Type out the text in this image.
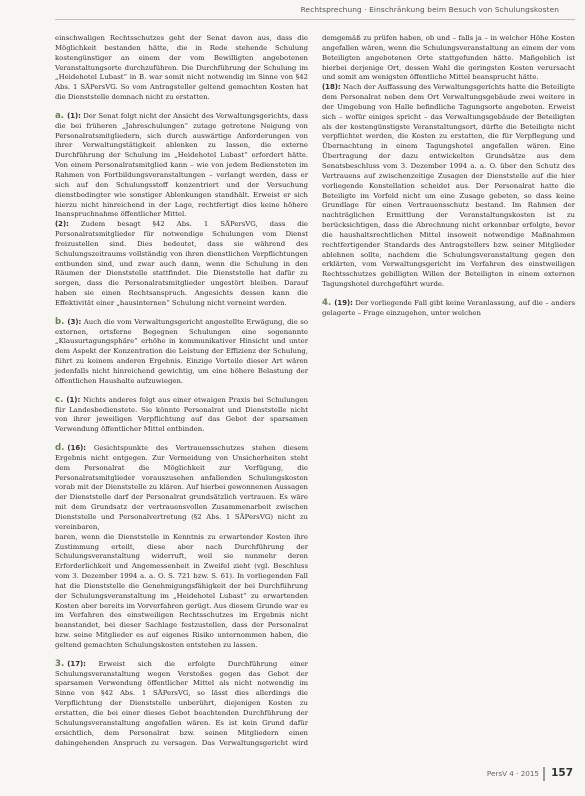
Rechtsprechung · Einschränkung beim Besuch von Schulungskosten

einschwaligen Rechtsschutzes geht der Senat davon aus, dass die Möglichkeit bestanden hätte, die in Rede stehende Schulung kostengünstiger an einem der vom Bewilligten angebotenen Veranstaltungsorte durchzuführen. Die Durchführung der Schulung im „Heidehotel Lubast“ in B. war somit nicht notwendig im Sinne von §42 Abs. 1 SÄPersVG. So vom Antragsteller geltend gemachten Kosten hat die Dienststelle demnach nicht zu erstatten.

a. (1): Der Senat folgt nicht der Ansicht des Verwaltungsgerichts, dass die bei früheren „Jahreschulungen“ zutage getretene Neigung von Personalratsmitgliedern, sich durch auswärtige Anforderungen von ihrer Verwaltungstätigkeit ablenken zu lassen, die externe Durchführung der Schulung im „Heidehotel Lubast“ erfordert hätte. Von einem Personalratsmitglied kann – wie von jedem Bediensteten im Rahmen von Fortbildungsveranstaltungen – verlangt werden, dass er sich auf den Schulungsstoff konzentriert und der Versuchung dienstbedingter wie sonstiger Ablenkungen standhält. Erweist er sich hierzu nicht hinreichend in der Lage, rechtfertigt dies keine höhere Inanspruchnahme öffentlicher Mittel.

(2): Zudem besagt §42 Abs. 1 SÄPersVG, dass die Personalratsmitglieder für notwendige Schulungen vom Dienst freizustellen sind. Dies bedeutet, dass sie während des Schulungszeitraums vollständig von ihren dienstlichen Verpflichtungen entbunden sind, und zwar auch dann, wenn die Schulung in den Räumen der Dienststelle stattfindet. Die Dienststelle hat dafür zu sorgen, dass die Personalratsmitglieder ungestört bleiben. Darauf haben sie einen Rechtsanspruch. Angesichts dessen kann die Effektivität einer „hausinternen“ Schulung nicht verneint werden.

b. (3): Auch die vom Verwaltungsgericht angestellte Erwägung, die so externen, ortsferne Begegnen Schulungen eine sogenannte „Klausurtagungsphäre“ erhöhe in kommunikativer Hinsicht und unter dem Aspekt der Konzentration die Leistung der Effizienz der Schulung, führt zu keinem anderen Ergebnis. Einzige Vorteile dieser Art wären jedenfalls nicht hinreichend gewichtig, um eine höhere Belastung der öffentlichen Haushalte aufzuwiegen.

c. (1): Nichts anderes folgt aus einer etwaigen Praxis bei Schulungen für Landesbedienstete. Sie könnte Personalrat und Dienststelle nicht von ihrer jeweiligen Verpflichtung auf das Gebot der sparsamen Verwendung öffentlicher Mittel entbinden.

d. (16): Gesichtspunkte des Vertrauensschutzes stehen diesem Ergebnis nicht entgegen. Zur Vermeidung von Unsicherheiten steht dem Personalrat die Möglichkeit zur Verfügung, die Personalratsmitglieder vorauszusehen anfallenden Schulungskosten vorab mit der Dienststelle zu klären. Auf hierbei gewonnenen Aussagen der Dienststelle darf der Personalrat grundsätzlich vertrauen. Es wäre mit dem Grundsatz der vertrauensvollen Zusammenarbeit zwischen Dienststelle und Personalvertretung (§2 Abs. 1 SÄPersVG) nicht zu vereinbaren,

baren, wenn die Dienststelle in Kenntnis zu erwartender Kosten ihre Zustimmung erteilt, diese aber nach Durchführung der Schulungsveranstaltung widerruft, weil sie nunmehr deren Erforderlichkeit und Angemessenheit in Zweifel zieht (vgl. Beschluss vom 3. Dezember 1994 a. a. O. S. 721 bzw. S. 61). In vorliegenden Fall hat die Dienststelle die Genehmigungsfähigkeit der bei Durchführung der Schulungsveranstaltung im „Heidehotel Lubast“ zu erwartenden Kosten aber bereits im Vorverfahren gerügt. Aus diesem Grunde war es im Verfahren des einstweiligen Rechtsschutzes im Ergebnis nicht beanstandet, bei dieser Sachlage festzustellen, dass der Personalrat bzw. seine Mitglieder es auf eigenes Risiko unternommen haben, die geltend gemachten Schulungskosten entstehen zu lassen.

3. (17): Erweist sich die erfolgte Durchführung einer Schulungsveranstaltung wegen Verstoßes gegen das Gebot der sparsamen Verwendung öffentlicher Mittel als nicht notwendig im Sinne von §42 Abs. 1 SÄPersVG, so lässt dies allerdings die Verpflichtung der Dienststelle unberührt, diejenigen Kosten zu erstatten, die bei einer dieses Gebot beachtenden Durchführung der Schulungsveranstaltung angefallen wären. Es ist kein Grund dafür ersichtlich, dem Personalrat bzw. seinen Mitgliedern einen dahingehenden Anspruch zu versagen. Das Verwaltungsgericht wird demgemäß zu prüfen haben, ob und – falls ja – in welcher Höhe Kosten angefallen wären, wenn die Schulungsveranstaltung an einem der vom Beteiligten angebotenen Orte stattgefunden hätte. Maßgeblich ist hierbei derjenige Ort, dessen Wahl die geringsten Kosten verursacht und somit am wenigsten öffentliche Mittel beansprucht hätte.

(18): Nach der Auffassung des Verwaltungsgerichts hatte die Beteiligte dem Personalrat neben dem Ort Verwaltungsgebäude zwei weitere in der Umgebung von Halle befindliche Tagungsorte angeboten. Erweist sich – wofür einiges spricht – das Verwaltungsgebäude der Beteiligten als der kostengünstigste Veranstaltungsort, dürfte die Beteiligte nicht verpflichtet werden, die Kosten zu erstatten, die für Verpflegung und Übernachtung in einem Tagungshotel angefallen wären. Eine Übertragung der dazu entwickelten Grundsätze aus dem Senatsbeschluss vom 3. Dezember 1994 a. a. O. über den Schutz des Vertrauens auf zwischenzeitige Zusagen der Dienststelle auf die hier vorliegende Konstellation scheidet aus. Der Personalrat hatte die Beteiligte im Vorfeld nicht um eine Zusage gebeten, so dass keine Grundlage für einen Vertrauensschutz bestand. Im Rahmen der nachträglichen Ermittlung der Veranstaltungskosten ist zu berücksichtigen, dass die Abrechnung nicht erkennbar erfolgte, bevor die haushaltsrechtlichen Mittel insoweit notwendige Maßnahmen rechtfertigender Standards des Antragstellers bzw. seiner Mitglieder ablehnen sollte, nachdem die Schulungsveranstaltung gegen den erklärten, vom Verwaltungsgericht im Verfahren des einstweiligen Rechtsschutzes gebilligten Willen der Beteiligten in einem externen Tagungshotel durchgeführt wurde.

4. (19): Der vorliegende Fall gibt keine Veranlassung, auf die – anders gelagerte – Frage einzugehen, unter welchen

PersV 4 · 2015 157
